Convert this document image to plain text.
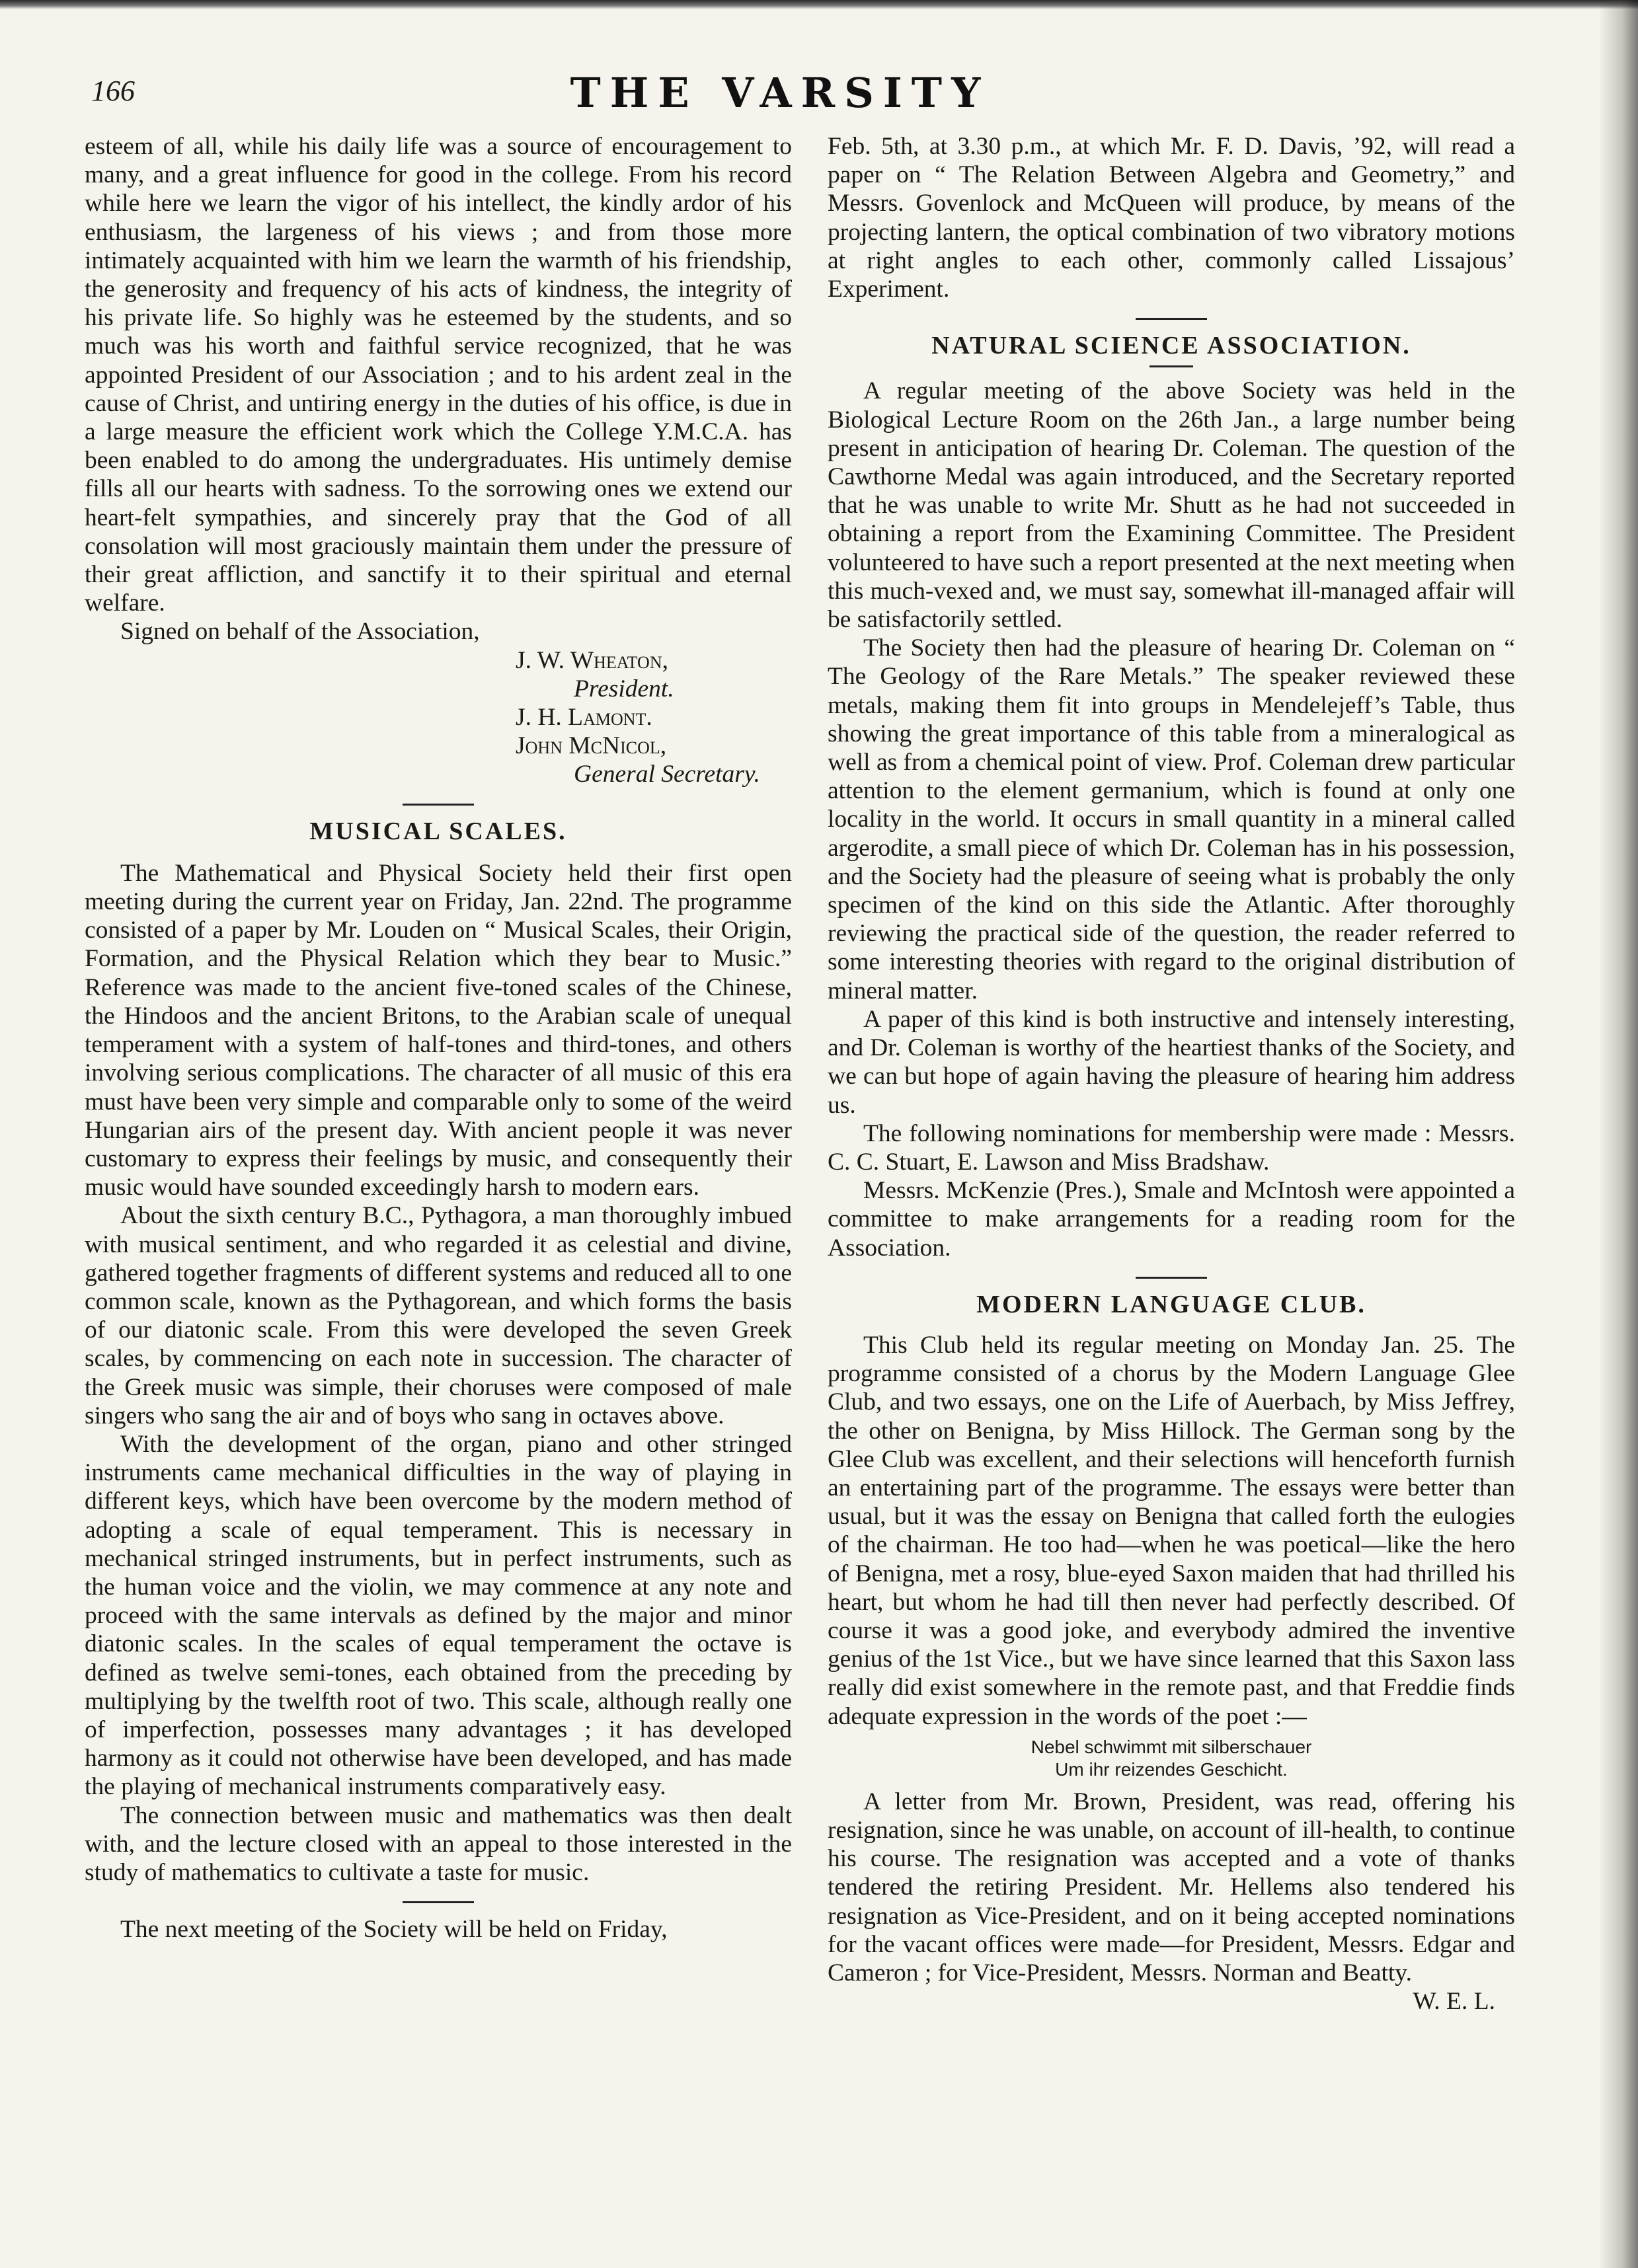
166	THE VARSITY

esteem of all, while his daily life was a source of encouragement to many, and a great influence for good in the college. From his record while here we learn the vigor of his intellect, the kindly ardor of his enthusiasm, the largeness of his views ; and from those more intimately acquainted with him we learn the warmth of his friendship, the generosity and frequency of his acts of kindness, the integrity of his private life. So highly was he esteemed by the students, and so much was his worth and faithful service recognized, that he was appointed President of our Association ; and to his ardent zeal in the cause of Christ, and untiring energy in the duties of his office, is due in a large measure the efficient work which the College Y.M.C.A. has been enabled to do among the undergraduates. His untimely demise fills all our hearts with sadness. To the sorrowing ones we extend our heart-felt sympathies, and sincerely pray that the God of all consolation will most graciously maintain them under the pressure of their great affliction, and sanctify it to their spiritual and eternal welfare.

Signed on behalf of the Association,

J. W. Wheaton,
President.

J. H. Lamont.

John McNicol,
General Secretary.

MUSICAL SCALES.

The Mathematical and Physical Society held their first open meeting during the current year on Friday, Jan. 22nd. The programme consisted of a paper by Mr. Louden on “ Musical Scales, their Origin, Formation, and the Physical Relation which they bear to Music.” Reference was made to the ancient five-toned scales of the Chinese, the Hindoos and the ancient Britons, to the Arabian scale of unequal temperament with a system of half-tones and third-tones, and others involving serious complications. The character of all music of this era must have been very simple and comparable only to some of the weird Hungarian airs of the present day. With ancient people it was never customary to express their feelings by music, and consequently their music would have sounded exceedingly harsh to modern ears.

About the sixth century B.C., Pythagora, a man thoroughly imbued with musical sentiment, and who regarded it as celestial and divine, gathered together fragments of different systems and reduced all to one common scale, known as the Pythagorean, and which forms the basis of our diatonic scale. From this were developed the seven Greek scales, by commencing on each note in succession. The character of the Greek music was simple, their choruses were composed of male singers who sang the air and of boys who sang in octaves above.

With the development of the organ, piano and other stringed instruments came mechanical difficulties in the way of playing in different keys, which have been overcome by the modern method of adopting a scale of equal temperament. This is necessary in mechanical stringed instruments, but in perfect instruments, such as the human voice and the violin, we may commence at any note and proceed with the same intervals as defined by the major and minor diatonic scales. In the scales of equal temperament the octave is defined as twelve semi-tones, each obtained from the preceding by multiplying by the twelfth root of two. This scale, although really one of imperfection, possesses many advantages ; it has developed harmony as it could not otherwise have been developed, and has made the playing of mechanical instruments comparatively easy.

The connection between music and mathematics was then dealt with, and the lecture closed with an appeal to those interested in the study of mathematics to cultivate a taste for music.

The next meeting of the Society will be held on Friday,

Feb. 5th, at 3.30 p.m., at which Mr. F. D. Davis, ’92, will read a paper on “ The Relation Between Algebra and Geometry,” and Messrs. Govenlock and McQueen will produce, by means of the projecting lantern, the optical combination of two vibratory motions at right angles to each other, commonly called Lissajous’ Experiment.

NATURAL SCIENCE ASSOCIATION.

A regular meeting of the above Society was held in the Biological Lecture Room on the 26th Jan., a large number being present in anticipation of hearing Dr. Coleman. The question of the Cawthorne Medal was again introduced, and the Secretary reported that he was unable to write Mr. Shutt as he had not succeeded in obtaining a report from the Examining Committee. The President volunteered to have such a report presented at the next meeting when this much-vexed and, we must say, somewhat ill-managed affair will be satisfactorily settled.

The Society then had the pleasure of hearing Dr. Coleman on “ The Geology of the Rare Metals.” The speaker reviewed these metals, making them fit into groups in Mendelejeff’s Table, thus showing the great importance of this table from a mineralogical as well as from a chemical point of view. Prof. Coleman drew particular attention to the element germanium, which is found at only one locality in the world. It occurs in small quantity in a mineral called argerodite, a small piece of which Dr. Coleman has in his possession, and the Society had the pleasure of seeing what is probably the only specimen of the kind on this side the Atlantic. After thoroughly reviewing the practical side of the question, the reader referred to some interesting theories with regard to the original distribution of mineral matter.

A paper of this kind is both instructive and intensely interesting, and Dr. Coleman is worthy of the heartiest thanks of the Society, and we can but hope of again having the pleasure of hearing him address us.

The following nominations for membership were made : Messrs. C. C. Stuart, E. Lawson and Miss Bradshaw.

Messrs. McKenzie (Pres.), Smale and McIntosh were appointed a committee to make arrangements for a reading room for the Association.

MODERN LANGUAGE CLUB.

This Club held its regular meeting on Monday Jan. 25. The programme consisted of a chorus by the Modern Language Glee Club, and two essays, one on the Life of Auerbach, by Miss Jeffrey, the other on Benigna, by Miss Hillock. The German song by the Glee Club was excellent, and their selections will henceforth furnish an entertaining part of the programme. The essays were better than usual, but it was the essay on Benigna that called forth the eulogies of the chairman. He too had—when he was poetical—like the hero of Benigna, met a rosy, blue-eyed Saxon maiden that had thrilled his heart, but whom he had till then never had perfectly described. Of course it was a good joke, and everybody admired the inventive genius of the 1st Vice., but we have since learned that this Saxon lass really did exist somewhere in the remote past, and that Freddie finds adequate expression in the words of the poet :—

Nebel schwimmt mit silberschauer
Um ihr reizendes Geschicht.

A letter from Mr. Brown, President, was read, offering his resignation, since he was unable, on account of ill-health, to continue his course. The resignation was accepted and a vote of thanks tendered the retiring President. Mr. Hellems also tendered his resignation as Vice-President, and on it being accepted nominations for the vacant offices were made—for President, Messrs. Edgar and Cameron ; for Vice-President, Messrs. Norman and Beatty.

W. E. L.
